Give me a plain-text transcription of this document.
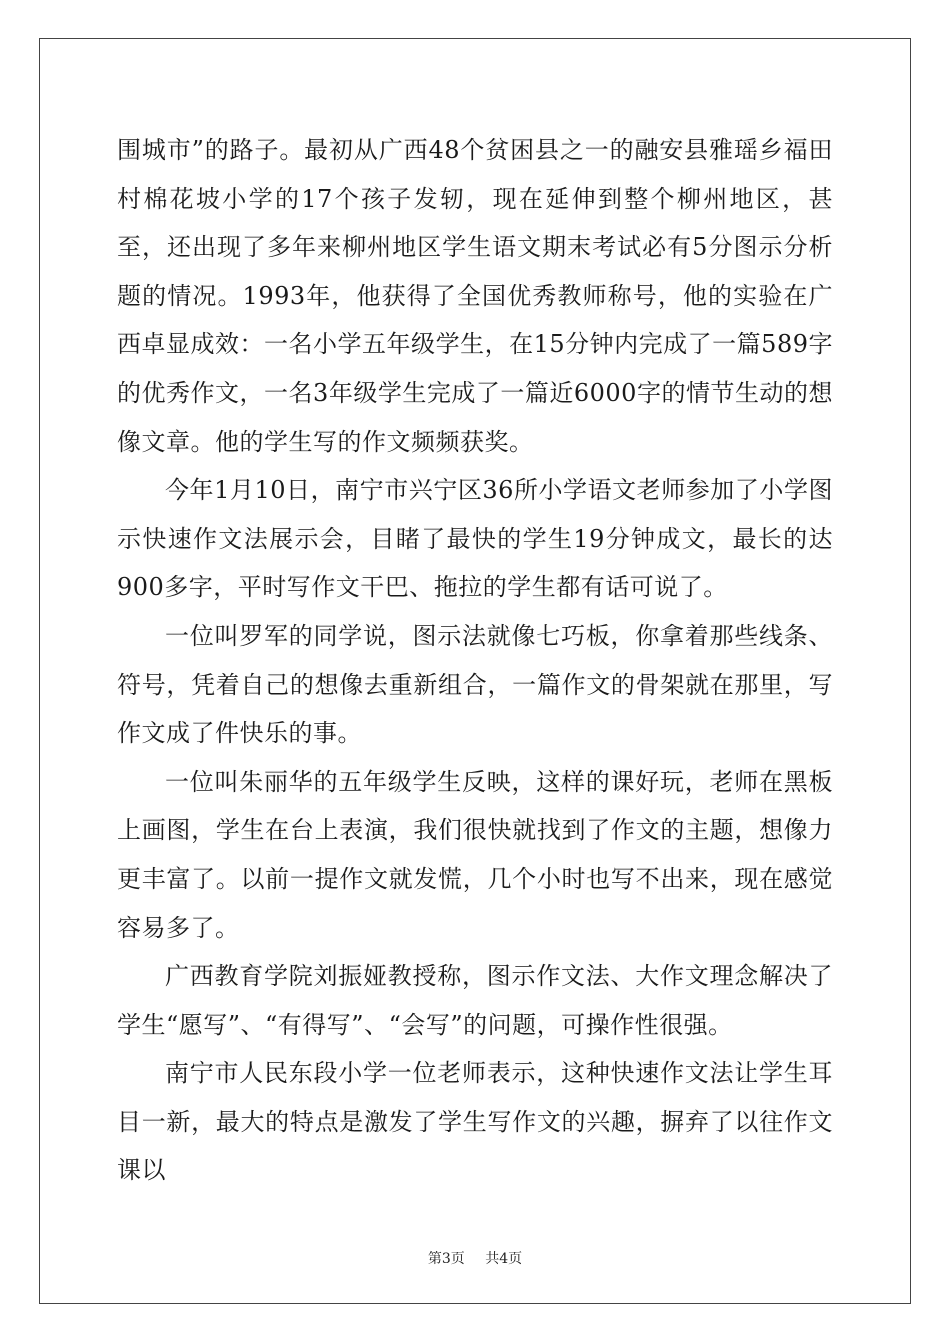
围城市”的路子。最初从广西48个贫困县之一的融安县雅瑶乡福田村棉花坡小学的17个孩子发轫，现在延伸到整个柳州地区，甚至，还出现了多年来柳州地区学生语文期末考试必有5分图示分析题的情况。1993年，他获得了全国优秀教师称号，他的实验在广西卓显成效：一名小学五年级学生，在15分钟内完成了一篇589字的优秀作文，一名3年级学生完成了一篇近6000字的情节生动的想像文章。他的学生写的作文频频获奖。

今年1月10日，南宁市兴宁区36所小学语文老师参加了小学图示快速作文法展示会，目睹了最快的学生19分钟成文，最长的达900多字，平时写作文干巴、拖拉的学生都有话可说了。

一位叫罗军的同学说，图示法就像七巧板，你拿着那些线条、符号，凭着自己的想像去重新组合，一篇作文的骨架就在那里，写作文成了件快乐的事。

一位叫朱丽华的五年级学生反映，这样的课好玩，老师在黑板上画图，学生在台上表演，我们很快就找到了作文的主题，想像力更丰富了。以前一提作文就发慌，几个小时也写不出来，现在感觉容易多了。

广西教育学院刘振娅教授称，图示作文法、大作文理念解决了学生“愿写”、“有得写”、“会写”的问题，可操作性很强。

南宁市人民东段小学一位老师表示，这种快速作文法让学生耳目一新，最大的特点是激发了学生写作文的兴趣，摒弃了以往作文课以

第3页 共4页
